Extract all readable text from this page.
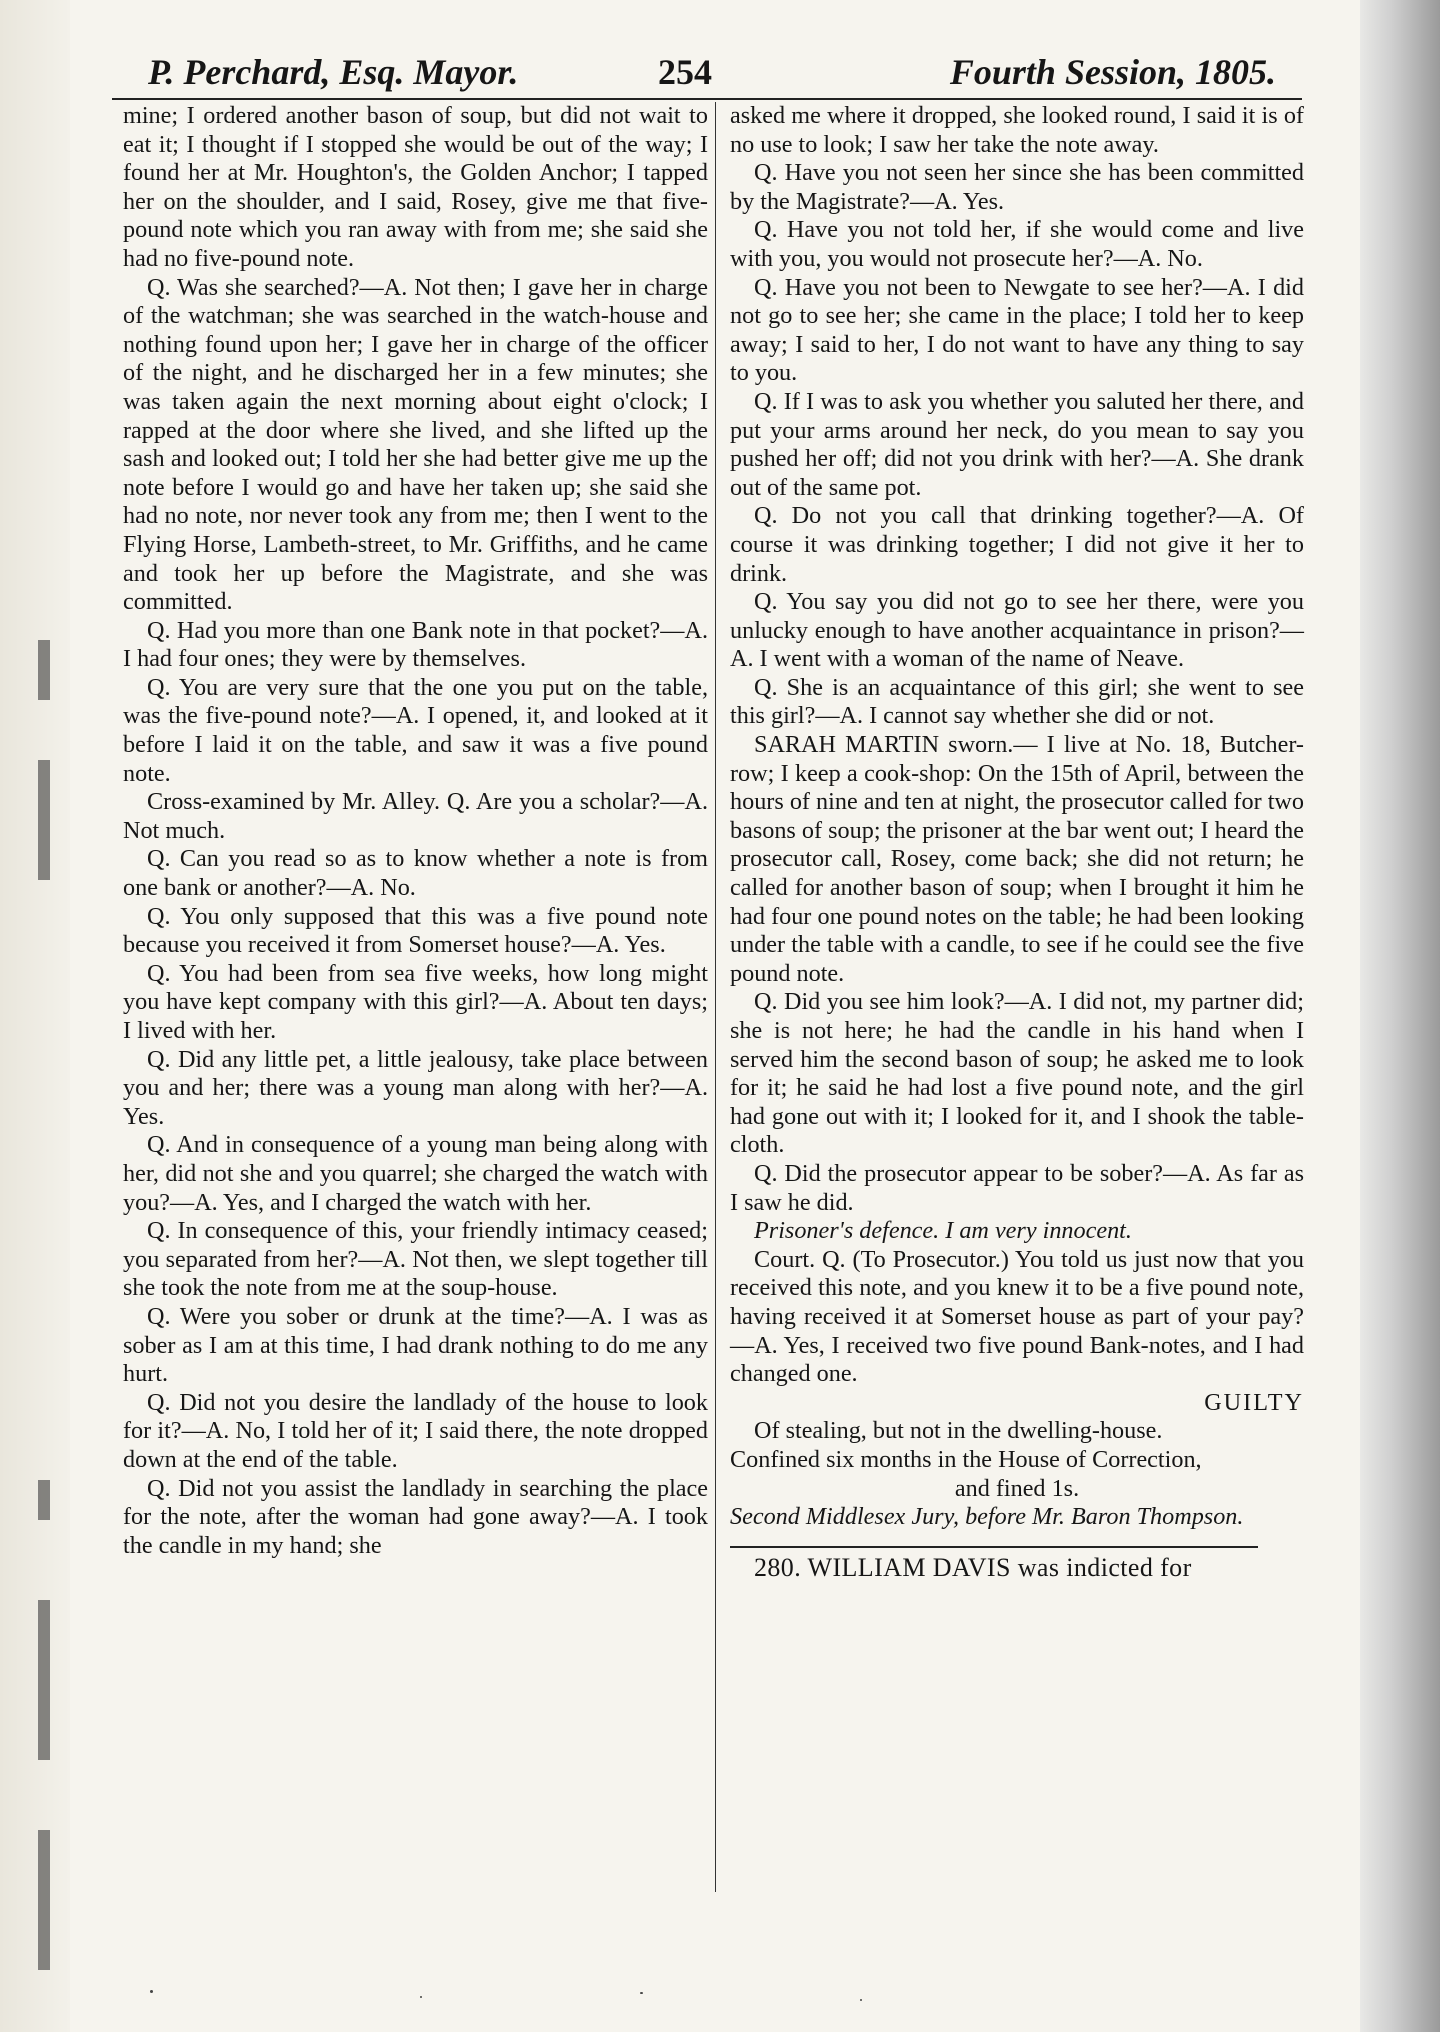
P. Perchard, Esq. Mayor.	254	Fourth Session, 1805.

mine; I ordered another bason of soup, but did not wait to eat it; I thought if I stopped she would be out of the way; I found her at Mr. Houghton's, the Golden Anchor; I tapped her on the shoulder, and I said, Rosey, give me that five-pound note which you ran away with from me; she said she had no five-pound note.

Q. Was she searched?—A. Not then; I gave her in charge of the watchman; she was searched in the watch-house and nothing found upon her; I gave her in charge of the officer of the night, and he discharged her in a few minutes; she was taken again the next morning about eight o'clock; I rapped at the door where she lived, and she lifted up the sash and looked out; I told her she had better give me up the note before I would go and have her taken up; she said she had no note, nor never took any from me; then I went to the Flying Horse, Lambeth-street, to Mr. Griffiths, and he came and took her up before the Magistrate, and she was committed.

Q. Had you more than one Bank note in that pocket?—A. I had four ones; they were by themselves.

Q. You are very sure that the one you put on the table, was the five-pound note?—A. I opened, it, and looked at it before I laid it on the table, and saw it was a five pound note.

Cross-examined by Mr. Alley. Q. Are you a scholar?—A. Not much.

Q. Can you read so as to know whether a note is from one bank or another?—A. No.

Q. You only supposed that this was a five pound note because you received it from Somerset house?—A. Yes.

Q. You had been from sea five weeks, how long might you have kept company with this girl?—A. About ten days; I lived with her.

Q. Did any little pet, a little jealousy, take place between you and her; there was a young man along with her?—A. Yes.

Q. And in consequence of a young man being along with her, did not she and you quarrel; she charged the watch with you?—A. Yes, and I charged the watch with her.

Q. In consequence of this, your friendly intimacy ceased; you separated from her?—A. Not then, we slept together till she took the note from me at the soup-house.

Q. Were you sober or drunk at the time?—A. I was as sober as I am at this time, I had drank nothing to do me any hurt.

Q. Did not you desire the landlady of the house to look for it?—A. No, I told her of it; I said there, the note dropped down at the end of the table.

Q. Did not you assist the landlady in searching the place for the note, after the woman had gone away?—A. I took the candle in my hand; she

asked me where it dropped, she looked round, I said it is of no use to look; I saw her take the note away.

Q. Have you not seen her since she has been committed by the Magistrate?—A. Yes.

Q. Have you not told her, if she would come and live with you, you would not prosecute her?—A. No.

Q. Have you not been to Newgate to see her?—A. I did not go to see her; she came in the place; I told her to keep away; I said to her, I do not want to have any thing to say to you.

Q. If I was to ask you whether you saluted her there, and put your arms around her neck, do you mean to say you pushed her off; did not you drink with her?—A. She drank out of the same pot.

Q. Do not you call that drinking together?—A. Of course it was drinking together; I did not give it her to drink.

Q. You say you did not go to see her there, were you unlucky enough to have another acquaintance in prison?—A. I went with a woman of the name of Neave.

Q. She is an acquaintance of this girl; she went to see this girl?—A. I cannot say whether she did or not.

SARAH MARTIN sworn.— I live at No. 18, Butcher-row; I keep a cook-shop: On the 15th of April, between the hours of nine and ten at night, the prosecutor called for two basons of soup; the prisoner at the bar went out; I heard the prosecutor call, Rosey, come back; she did not return; he called for another bason of soup; when I brought it him he had four one pound notes on the table; he had been looking under the table with a candle, to see if he could see the five pound note.

Q. Did you see him look?—A. I did not, my partner did; she is not here; he had the candle in his hand when I served him the second bason of soup; he asked me to look for it; he said he had lost a five pound note, and the girl had gone out with it; I looked for it, and I shook the table-cloth.

Q. Did the prosecutor appear to be sober?—A. As far as I saw he did.

Prisoner's defence. I am very innocent.

Court. Q. (To Prosecutor.) You told us just now that you received this note, and you knew it to be a five pound note, having received it at Somerset house as part of your pay?—A. Yes, I received two five pound Bank-notes, and I had changed one.

GUILTY

Of stealing, but not in the dwelling-house.

Confined six months in the House of Correction,

and fined 1s.

Second Middlesex Jury, before Mr. Baron Thompson.

280. WILLIAM DAVIS was indicted for
